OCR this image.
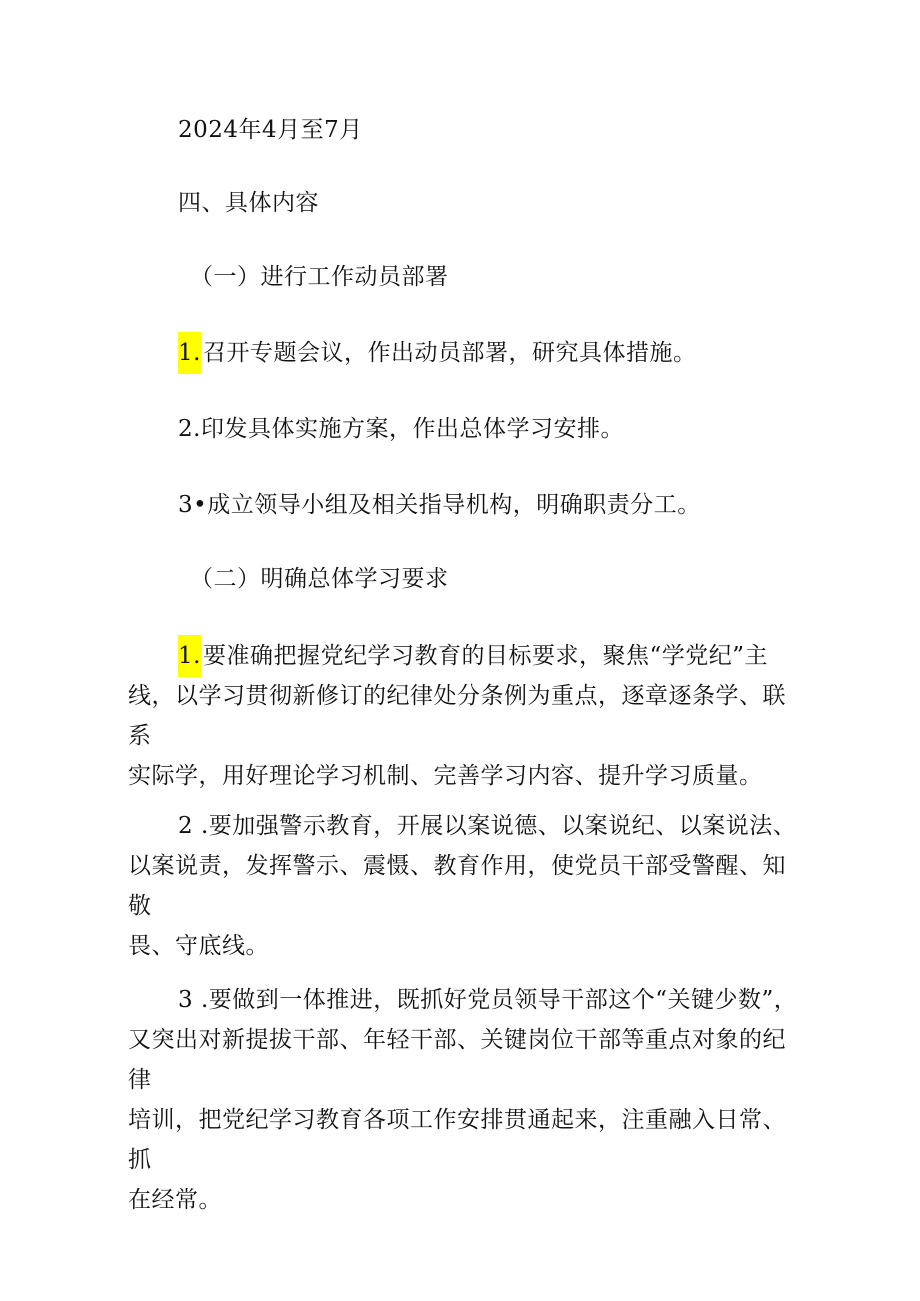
2024年4月至7月
四、具体内容
（一）进行工作动员部署
1.召开专题会议，作出动员部署，研究具体措施。
2.印发具体实施方案，作出总体学习安排。
3•成立领导小组及相关指导机构，明确职责分工。
（二）明确总体学习要求
1.要准确把握党纪学习教育的目标要求，聚焦“学党纪”主
线，以学习贯彻新修订的纪律处分条例为重点，逐章逐条学、联系
实际学，用好理论学习机制、完善学习内容、提升学习质量。
2 .要加强警示教育，开展以案说德、以案说纪、以案说法、
以案说责，发挥警示、震慑、教育作用，使党员干部受警醒、知敬
畏、守底线。
3 .要做到一体推进，既抓好党员领导干部这个“关键少数”，
又突出对新提拔干部、年轻干部、关键岗位干部等重点对象的纪律
培训，把党纪学习教育各项工作安排贯通起来，注重融入日常、抓
在经常。
